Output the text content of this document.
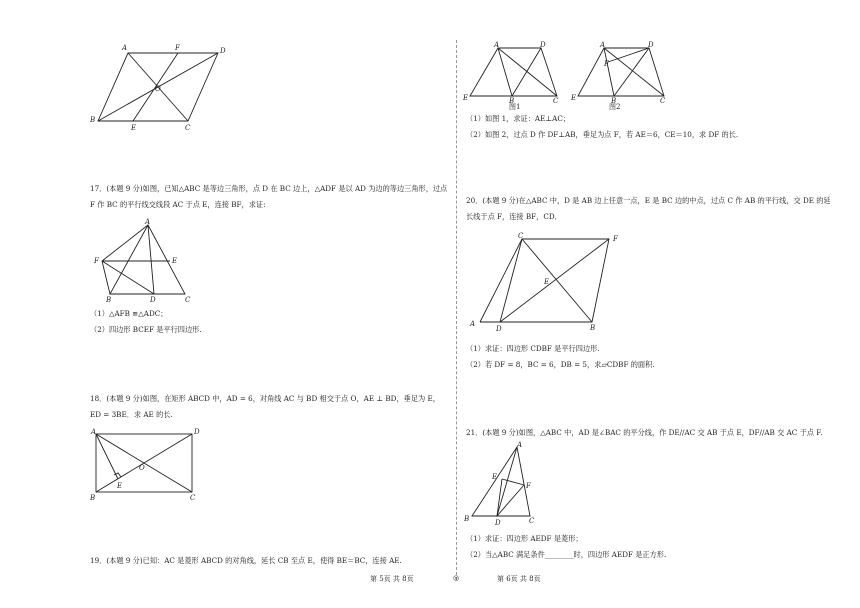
A	F	D
O
B
E	C
17．(本题 9 分)如图，已知△ABC 是等边三角形，点 D 在 BC 边上，△ADF 是以 AD 为边的等边三角形，过点
F 作 BC 的平行线交线段 AC 于点 E，连接 BF，求证:
A
F	E
B	D	C
（1）△AFB ≌△ADC；
（2）四边形 BCEF 是平行四边形.
18．(本题 9 分)如图，在矩形 ABCD 中，AD = 6，对角线 AC 与 BD 相交于点 O，AE ⊥ BD，垂足为 E，
ED = 3BE．求 AE 的长.
A	D
O
E
B	C
19．(本题 9 分)已知：AC 是菱形 ABCD 的对角线，延长 CB 至点 E，使得 BE＝BC，连接 AE.
A	D
E	B	C
图1
A	D
F
E	B	C
图2
（1）如图 1，求证：AE⊥AC；
（2）如图 2，过点 D 作 DF⊥AB，垂足为点 F，若 AE＝6，CE＝10，求 DF 的长.
20．(本题 9 分)在△ABC 中，D 是 AB 边上任意一点，E 是 BC 边的中点，过点 C 作 AB 的平行线，交 DE 的延
长线于点 F，连接 BF，CD．
C	F
E
A
D	B
（1）求证：四边形 CDBF 是平行四边形.
（2）若 DF = 8，BC = 6，DB = 5，求▱CDBF 的面积.
21．(本题 9 分)如图，△ABC 中，AD 是∠BAC 的平分线，作 DE//AC 交 AB 于点 E，DF//AB 交 AC 于点 F.
A
E
F
B	D	C
（1）求证：四边形 AEDF 是菱形；
（2）当△ABC 满足条件________时，四边形 AEDF 是正方形.
第 5页 共 8页	◎	第 6页 共 8页
